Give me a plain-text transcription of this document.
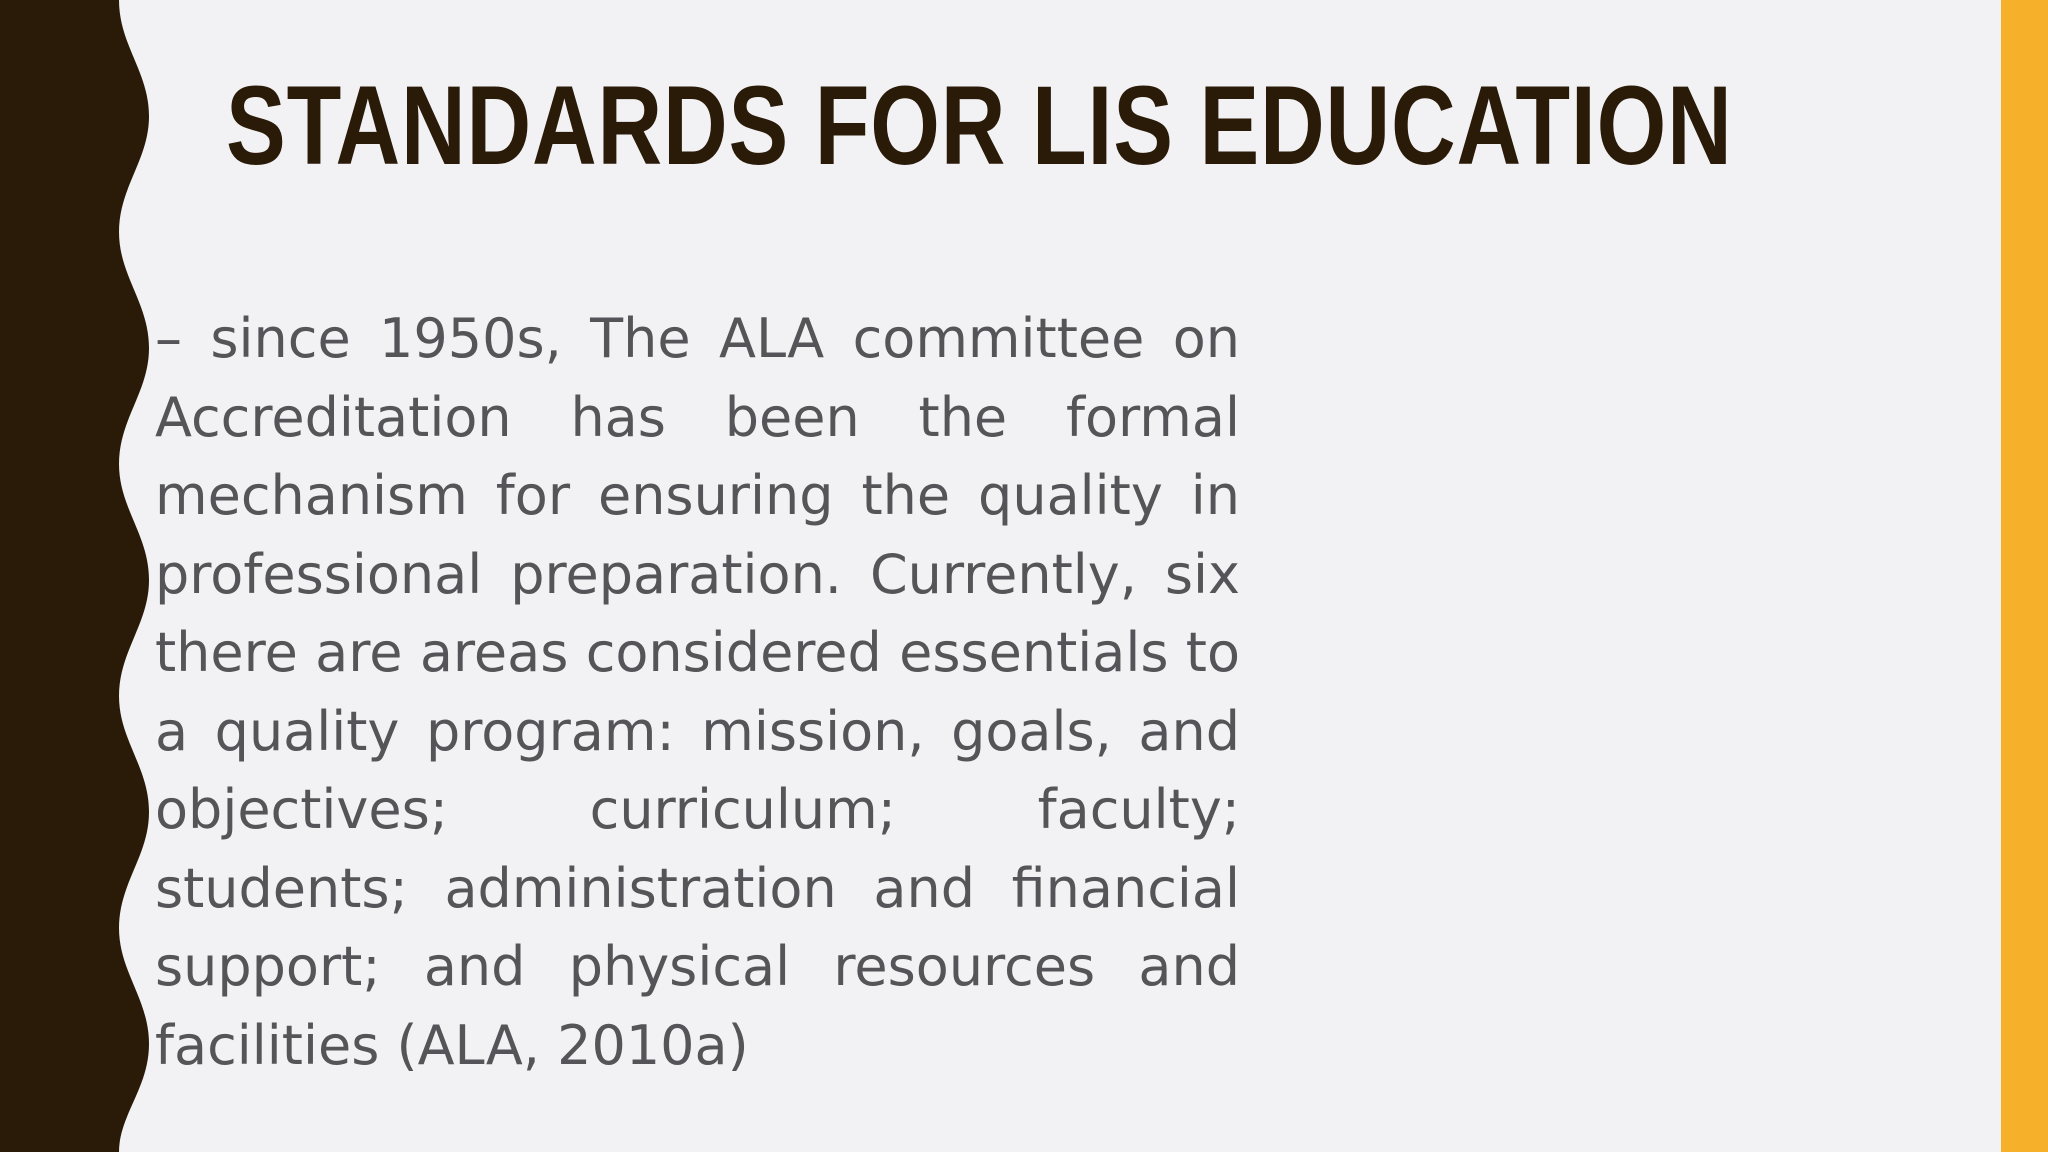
STANDARDS FOR LIS EDUCATION

– since 1950s, The ALA committee on Accreditation has been the formal mechanism for ensuring the quality in professional preparation. Currently, six there are areas considered essentials to a quality program: mission, goals, and objectives; curriculum; faculty; students; administration and financial support; and physical resources and facilities (ALA, 2010a)
